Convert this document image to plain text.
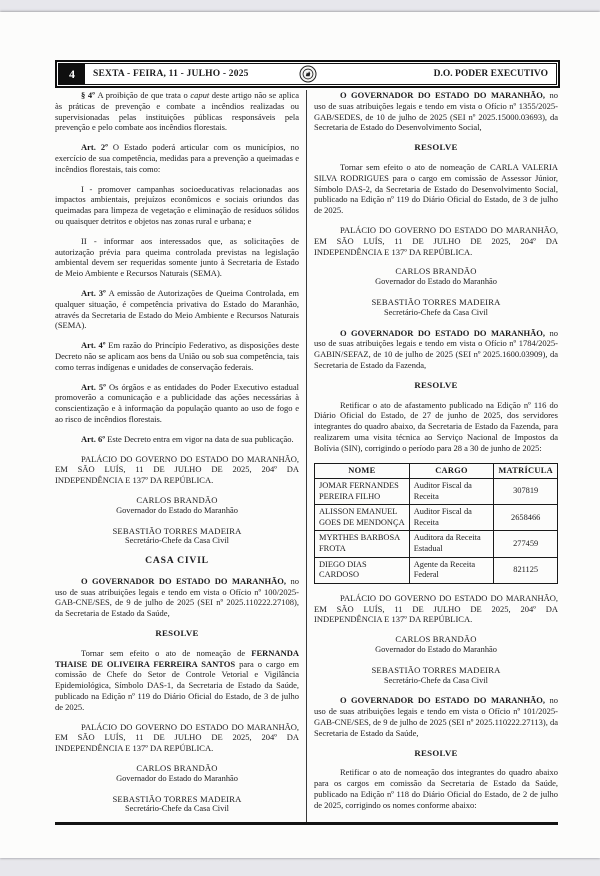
4	SEXTA - FEIRA, 11 - JULHO - 2025	D.O. PODER EXECUTIVO

§ 4º A proibição de que trata o caput deste artigo não se aplica às práticas de prevenção e combate a incêndios realizadas ou supervisionadas pelas instituições públicas responsáveis pela prevenção e pelo combate aos incêndios florestais.

Art. 2º O Estado poderá articular com os municípios, no exercício de sua competência, medidas para a prevenção a queimadas e incêndios florestais, tais como:

I - promover campanhas socioeducativas relacionadas aos impactos ambientais, prejuízos econômicos e sociais oriundos das queimadas para limpeza de vegetação e eliminação de resíduos sólidos ou quaisquer detritos e objetos nas zonas rural e urbana; e

II - informar aos interessados que, as solicitações de autorização prévia para queima controlada previstas na legislação ambiental devem ser requeridas somente junto à Secretaria de Estado de Meio Ambiente e Recursos Naturais (SEMA).

Art. 3º A emissão de Autorizações de Queima Controlada, em qualquer situação, é competência privativa do Estado do Maranhão, através da Secretaria de Estado do Meio Ambiente e Recursos Naturais (SEMA).

Art. 4º Em razão do Princípio Federativo, as disposições deste Decreto não se aplicam aos bens da União ou sob sua competência, tais como terras indígenas e unidades de conservação federais.

Art. 5º Os órgãos e as entidades do Poder Executivo estadual promoverão a comunicação e a publicidade das ações necessárias à conscientização e à informação da população quanto ao uso de fogo e ao risco de incêndios florestais.

Art. 6º Este Decreto entra em vigor na data de sua publicação.

PALÁCIO DO GOVERNO DO ESTADO DO MARANHÃO, EM SÃO LUÍS, 11 DE JULHO DE 2025, 204º DA INDEPENDÊNCIA E 137º DA REPÚBLICA.

CARLOS BRANDÃO
Governador do Estado do Maranhão
SEBASTIÃO TORRES MADEIRA
Secretário-Chefe da Casa Civil
CASA CIVIL

O GOVERNADOR DO ESTADO DO MARANHÃO, no uso de suas atribuições legais e tendo em vista o Ofício nº 100/2025-GAB-CNE/SES, de 9 de julho de 2025 (SEI nº 2025.110222.27108), da Secretaria de Estado da Saúde,

RESOLVE

Tornar sem efeito o ato de nomeação de FERNANDA THAISE DE OLIVEIRA FERREIRA SANTOS para o cargo em comissão de Chefe do Setor de Controle Vetorial e Vigilância Epidemiológica, Símbolo DAS-1, da Secretaria de Estado da Saúde, publicado na Edição nº 119 do Diário Oficial do Estado, de 3 de julho de 2025.

PALÁCIO DO GOVERNO DO ESTADO DO MARANHÃO, EM SÃO LUÍS, 11 DE JULHO DE 2025, 204º DA INDEPENDÊNCIA E 137º DA REPÚBLICA.

CARLOS BRANDÃO
Governador do Estado do Maranhão
SEBASTIÃO TORRES MADEIRA
Secretário-Chefe da Casa Civil

O GOVERNADOR DO ESTADO DO MARANHÃO, no uso de suas atribuições legais e tendo em vista o Ofício nº 1355/2025-GAB/SEDES, de 10 de julho de 2025 (SEI nº 2025.15000.03693), da Secretaria de Estado do Desenvolvimento Social,

RESOLVE

Tornar sem efeito o ato de nomeação de CARLA VALERIA SILVA RODRIGUES para o cargo em comissão de Assessor Júnior, Símbolo DAS-2, da Secretaria de Estado do Desenvolvimento Social, publicado na Edição nº 119 do Diário Oficial do Estado, de 3 de julho de 2025.

PALÁCIO DO GOVERNO DO ESTADO DO MARANHÃO, EM SÃO LUÍS, 11 DE JULHO DE 2025, 204º DA INDEPENDÊNCIA E 137º DA REPÚBLICA.

CARLOS BRANDÃO
Governador do Estado do Maranhão
SEBASTIÃO TORRES MADEIRA
Secretário-Chefe da Casa Civil

O GOVERNADOR DO ESTADO DO MARANHÃO, no uso de suas atribuições legais e tendo em vista o Ofício nº 1784/2025-GABIN/SEFAZ, de 10 de julho de 2025 (SEI nº 2025.1600.03909), da Secretaria de Estado da Fazenda,

RESOLVE

Retificar o ato de afastamento publicado na Edição nº 116 do Diário Oficial do Estado, de 27 de junho de 2025, dos servidores integrantes do quadro abaixo, da Secretaria de Estado da Fazenda, para realizarem uma visita técnica ao Serviço Nacional de Impostos da Bolívia (SIN), corrigindo o período para 28 a 30 de junho de 2025:

NOME	CARGO	MATRÍCULA
JOMAR FERNANDES PEREIRA FILHO	Auditor Fiscal da Receita	307819
ALISSON EMANUEL GOES DE MENDONÇA	Auditor Fiscal da Receita	2658466
MYRTHES BARBOSA FROTA	Auditora da Receita Estadual	277459
DIEGO DIAS CARDOSO	Agente da Receita Federal	821125

PALÁCIO DO GOVERNO DO ESTADO DO MARANHÃO, EM SÃO LUÍS, 11 DE JULHO DE 2025, 204º DA INDEPENDÊNCIA E 137º DA REPÚBLICA.

CARLOS BRANDÃO
Governador do Estado do Maranhão
SEBASTIÃO TORRES MADEIRA
Secretário-Chefe da Casa Civil

O GOVERNADOR DO ESTADO DO MARANHÃO, no uso de suas atribuições legais e tendo em vista o Ofício nº 101/2025-GAB-CNE/SES, de 9 de julho de 2025 (SEI nº 2025.110222.27113), da Secretaria de Estado da Saúde,

RESOLVE

Retificar o ato de nomeação dos integrantes do quadro abaixo para os cargos em comissão da Secretaria de Estado da Saúde, publicado na Edição nº 118 do Diário Oficial do Estado, de 2 de julho de 2025, corrigindo os nomes conforme abaixo:
